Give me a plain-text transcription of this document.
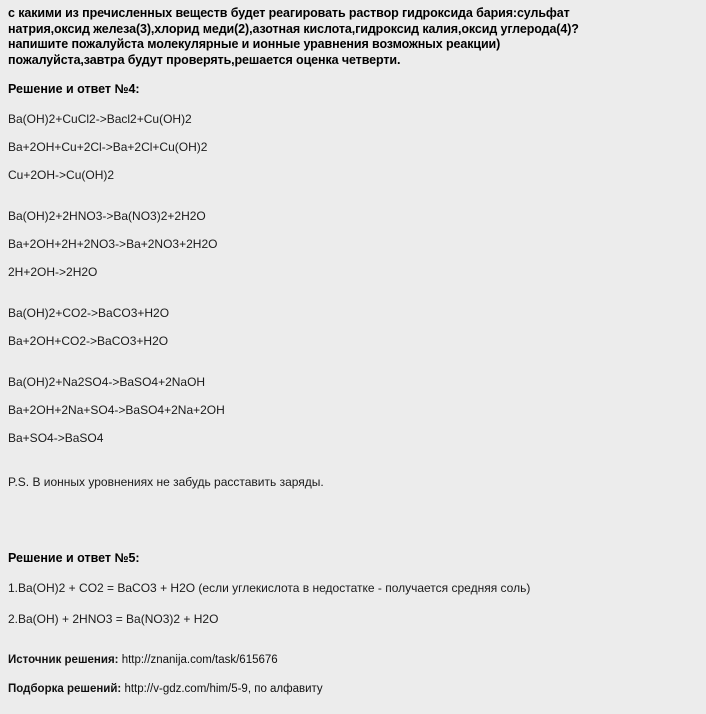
с какими из пречисленных веществ будет реагировать раствор гидроксида бария:сульфат
натрия,оксид железа(3),хлорид меди(2),азотная кислота,гидроксид калия,оксид углерода(4)?
напишите пожалуйста молекулярные и ионные уравнения возможных реакции)
пожалуйста,завтра будут проверять,решается оценка четверти.
Решение и ответ №4:
Ba(OH)2+CuCl2->Bacl2+Cu(OH)2
Ba+2OH+Cu+2Cl->Ba+2Cl+Cu(OH)2
Cu+2OH->Cu(OH)2
Ba(OH)2+2HNO3->Ba(NO3)2+2H2O
Ba+2OH+2H+2NO3->Ba+2NO3+2H2O
2H+2OH->2H2O
Ba(OH)2+CO2->BaCO3+H2O
Ba+2OH+CO2->BaCO3+H2O
Ba(OH)2+Na2SO4->BaSO4+2NaOH
Ba+2OH+2Na+SO4->BaSO4+2Na+2OH
Ba+SO4->BaSO4
P.S. В ионных уровнениях не забудь расставить заряды.
Решение и ответ №5:
1.Ba(OH)2 + CO2 = BaCO3 + H2O (если углекислота в недостатке - получается средняя соль)
2.Ba(OH) + 2HNO3 = Ba(NO3)2 + H2O
Источник решения: http://znanija.com/task/615676
Подборка решений: http://v-gdz.com/him/5-9, по алфавиту
